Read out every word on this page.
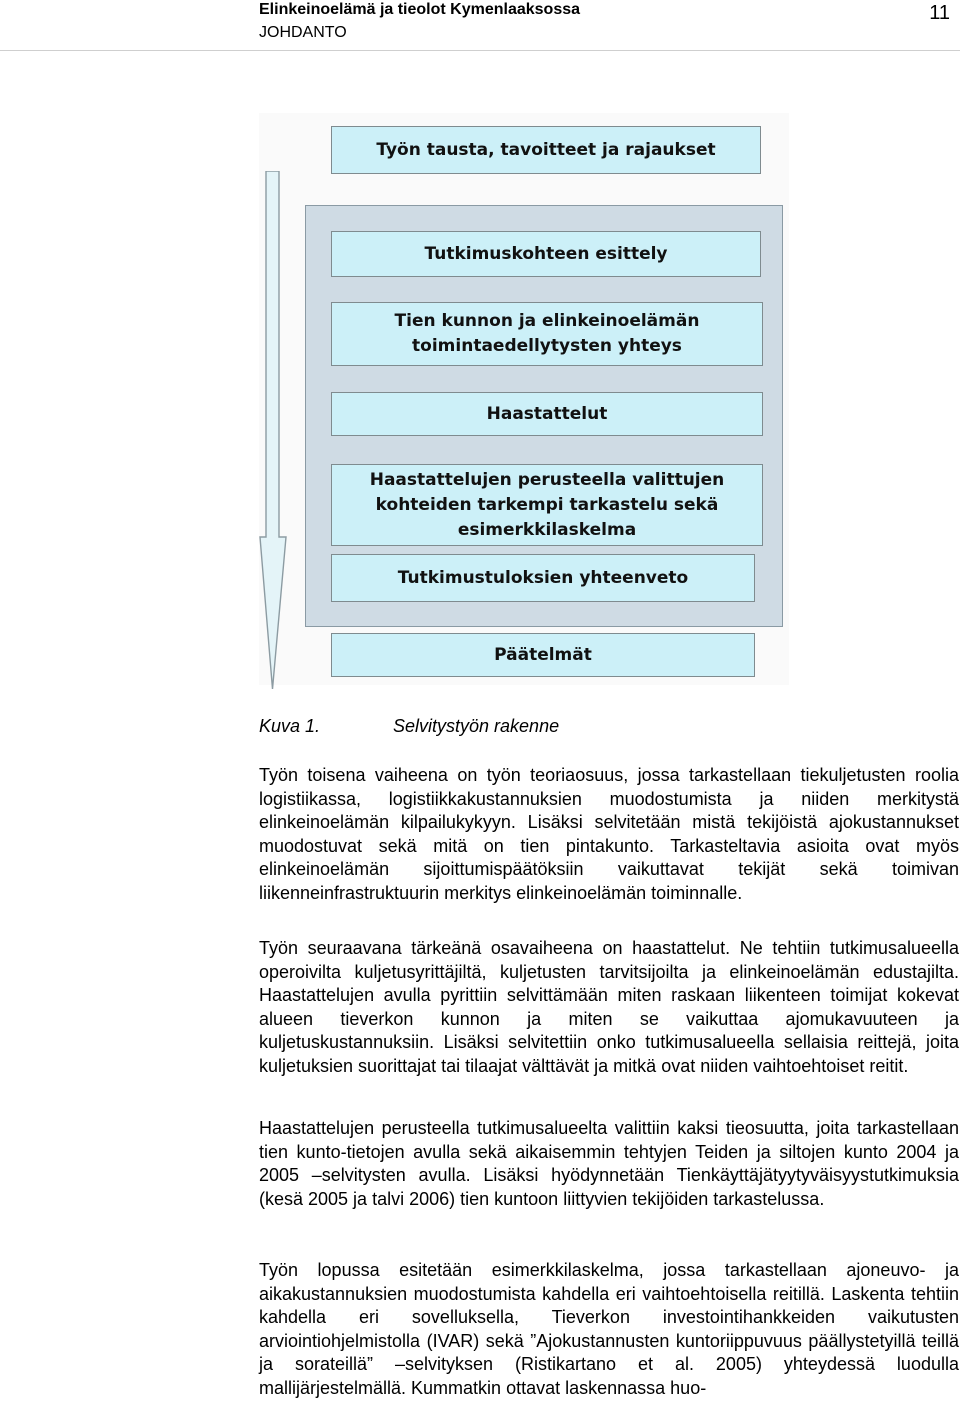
Elinkeinoelämä ja tieolot Kymenlaaksossa
JOHDANTO
11
Työn tausta, tavoitteet ja rajaukset
Tutkimuskohteen esittely
Tien kunnon ja elinkeinoelämän
toimintaedellytysten yhteys
Haastattelut
Haastattelujen perusteella valittujen
kohteiden tarkempi tarkastelu sekä
esimerkkilaskelma
Tutkimustuloksien yhteenveto
Päätelmät
Kuva 1.	Selvitystyön rakenne

Työn toisena vaiheena on työn teoriaosuus, jossa tarkastellaan tiekuljetusten roolia logistiikassa, logistiikkakustannuksien muodostumista ja niiden merkitystä elinkeinoelämän kilpailukykyyn. Lisäksi selvitetään mistä tekijöistä ajokustannukset muodostuvat sekä mitä on tien pintakunto. Tarkasteltavia asioita ovat myös elinkeinoelämän sijoittumispäätöksiin vaikuttavat tekijät sekä toimivan liikenneinfrastruktuurin merkitys elinkeinoelämän toiminnalle.

Työn seuraavana tärkeänä osavaiheena on haastattelut. Ne tehtiin tutkimusalueella operoivilta kuljetusyrittäjiltä, kuljetusten tarvitsijoilta ja elinkeinoelämän edustajilta. Haastattelujen avulla pyrittiin selvittämään miten raskaan liikenteen toimijat kokevat alueen tieverkon kunnon ja miten se vaikuttaa ajomukavuuteen ja kuljetuskustannuksiin. Lisäksi selvitettiin onko tutkimusalueella sellaisia reittejä, joita kuljetuksien suorittajat tai tilaajat välttävät ja mitkä ovat niiden vaihtoehtoiset reitit.

Haastattelujen perusteella tutkimusalueelta valittiin kaksi tieosuutta, joita tarkastellaan tien kunto-tietojen avulla sekä aikaisemmin tehtyjen Teiden ja siltojen kunto 2004 ja 2005 –selvitysten avulla. Lisäksi hyödynnetään Tienkäyttäjätyytyväisyystutkimuksia (kesä 2005 ja talvi 2006) tien kuntoon liittyvien tekijöiden tarkastelussa.

Työn lopussa esitetään esimerkkilaskelma, jossa tarkastellaan ajoneuvo- ja aikakustannuksien muodostumista kahdella eri vaihtoehtoisella reitillä. Laskenta tehtiin kahdella eri sovelluksella, Tieverkon investointihankkeiden vaikutusten arviointiohjelmistolla (IVAR) sekä ”Ajokustannusten kuntoriippuvuus päällystetyillä teillä ja sorateillä” –selvityksen (Ristikartano et al. 2005) yhteydessä luodulla mallijärjestelmällä. Kummatkin ottavat laskennassa huo-
